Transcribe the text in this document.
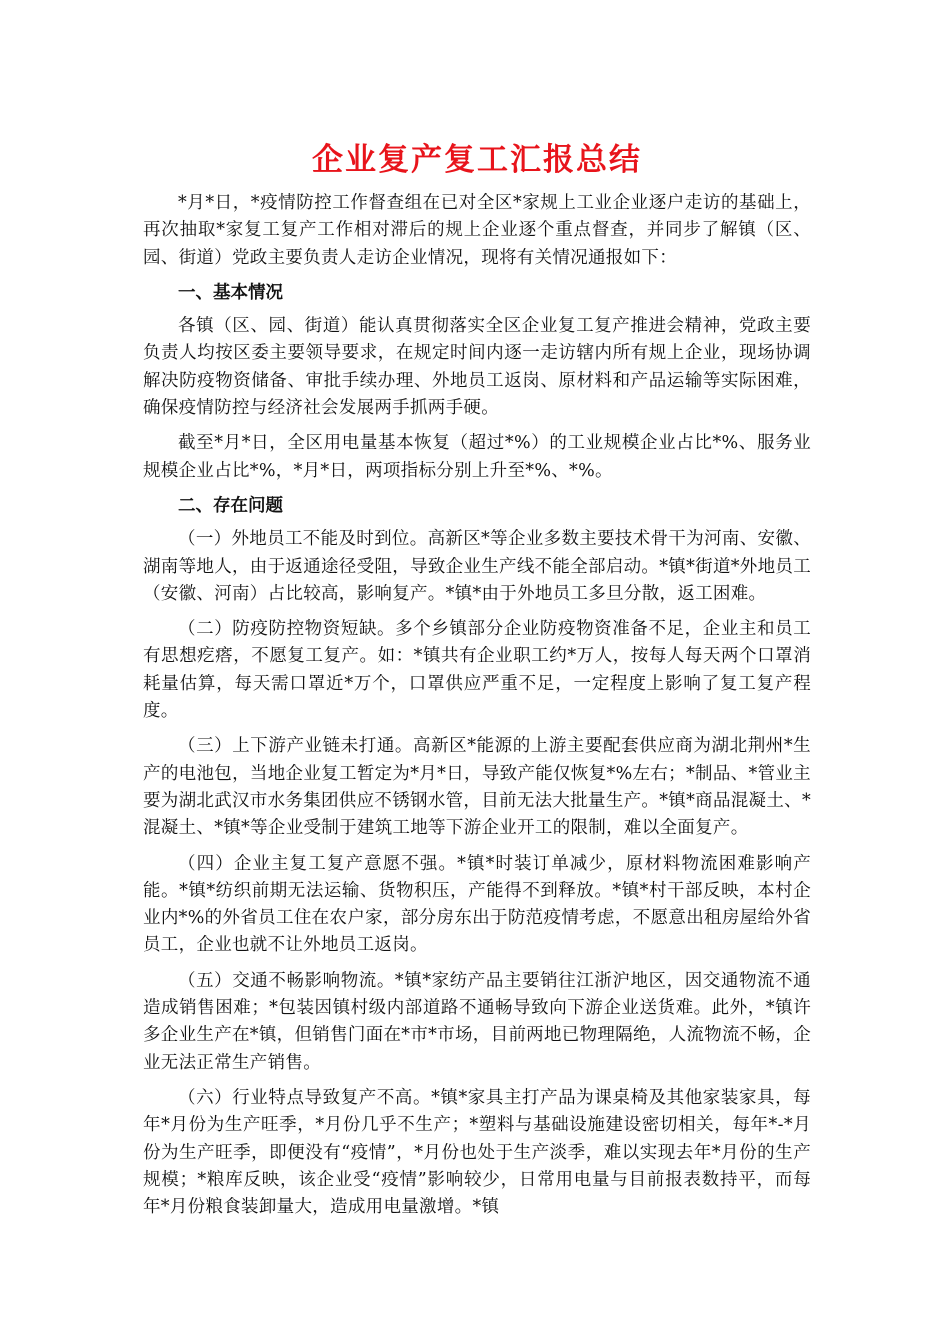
企业复产复工汇报总结

*月*日，*疫情防控工作督查组在已对全区*家规上工业企业逐户走访的基础上，再次抽取*家复工复产工作相对滞后的规上企业逐个重点督查，并同步了解镇（区、园、街道）党政主要负责人走访企业情况，现将有关情况通报如下：

一、基本情况

各镇（区、园、街道）能认真贯彻落实全区企业复工复产推进会精神，党政主要负责人均按区委主要领导要求，在规定时间内逐一走访辖内所有规上企业，现场协调解决防疫物资储备、审批手续办理、外地员工返岗、原材料和产品运输等实际困难，确保疫情防控与经济社会发展两手抓两手硬。

截至*月*日，全区用电量基本恢复（超过*%）的工业规模企业占比*%、服务业规模企业占比*%，*月*日，两项指标分别上升至*%、*%。

二、存在问题

（一）外地员工不能及时到位。高新区*等企业多数主要技术骨干为河南、安徽、湖南等地人，由于返通途径受阻，导致企业生产线不能全部启动。*镇*街道*外地员工（安徽、河南）占比较高，影响复产。*镇*由于外地员工多旦分散，返工困难。

（二）防疫防控物资短缺。多个乡镇部分企业防疫物资准备不足，企业主和员工有思想疙瘩，不愿复工复产。如：*镇共有企业职工约*万人，按每人每天两个口罩消耗量估算，每天需口罩近*万个，口罩供应严重不足，一定程度上影响了复工复产程度。

（三）上下游产业链未打通。高新区*能源的上游主要配套供应商为湖北荆州*生产的电池包，当地企业复工暂定为*月*日，导致产能仅恢复*%左右；*制品、*管业主要为湖北武汉市水务集团供应不锈钢水管，目前无法大批量生产。*镇*商品混凝土、*混凝土、*镇*等企业受制于建筑工地等下游企业开工的限制，难以全面复产。

（四）企业主复工复产意愿不强。*镇*时装订单减少，原材料物流困难影响产能。*镇*纺织前期无法运输、货物积压，产能得不到释放。*镇*村干部反映，本村企业内*%的外省员工住在农户家，部分房东出于防范疫情考虑，不愿意出租房屋给外省员工，企业也就不让外地员工返岗。

（五）交通不畅影响物流。*镇*家纺产品主要销往江浙沪地区，因交通物流不通造成销售困难；*包装因镇村级内部道路不通畅导致向下游企业送货难。此外，*镇许多企业生产在*镇，但销售门面在*市*市场，目前两地已物理隔绝，人流物流不畅，企业无法正常生产销售。

（六）行业特点导致复产不高。*镇*家具主打产品为课桌椅及其他家装家具，每年*月份为生产旺季，*月份几乎不生产；*塑料与基础设施建设密切相关，每年*-*月份为生产旺季，即便没有“疫情”，*月份也处于生产淡季，难以实现去年*月份的生产规模；*粮库反映，该企业受“疫情”影响较少，日常用电量与目前报表数持平，而每年*月份粮食装卸量大，造成用电量激增。*镇
